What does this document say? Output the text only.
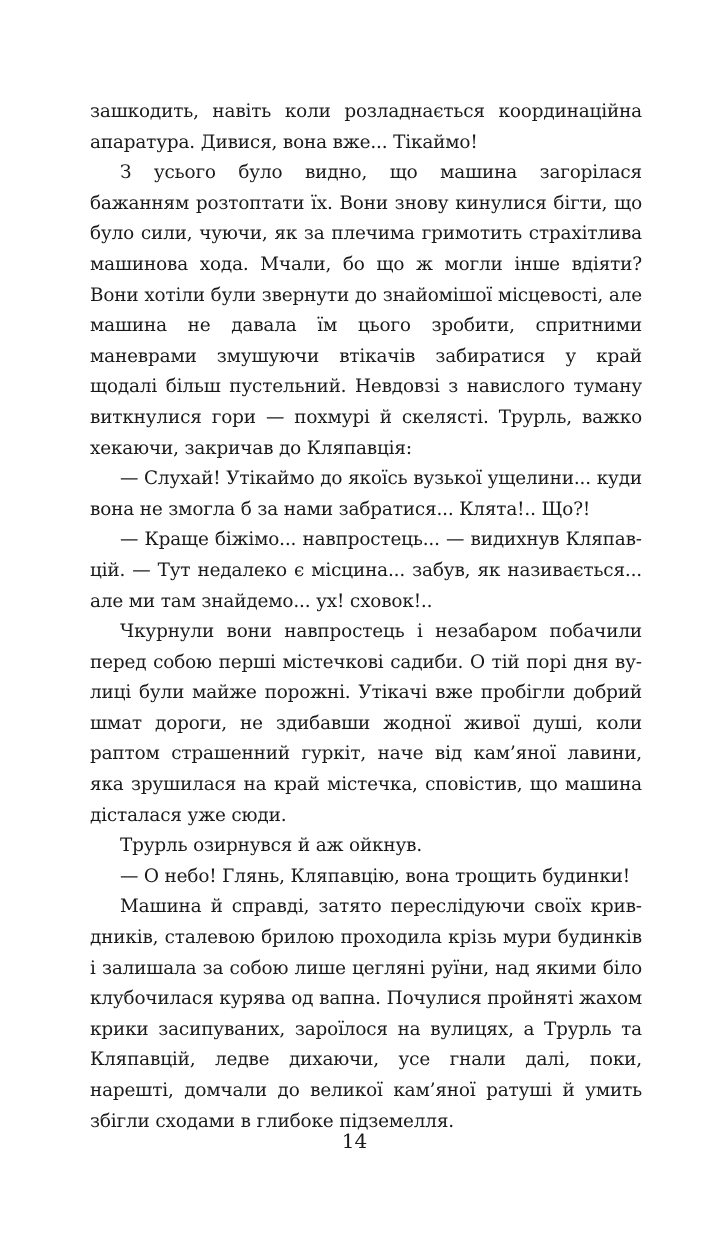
зашкодить, навіть коли розладнається координаційна апаратура. Дивися, вона вже... Тікаймо!

З усього було видно, що машина загорілася бажанням розтоптати їх. Вони знову кинулися бігти, що було сили, чуючи, як за плечима гримотить страхітлива машинова хода. Мчали, бо що ж могли інше вдіяти? Вони хотіли були звернути до знайомішої місцевості, але машина не давала їм цього зробити, спритними маневрами змушуючи втікачів забиратися у край щодалі більш пустельний. Невдовзі з навислого туману виткнулися гори — похмурі й скелясті. Трурль, важко хекаючи, закричав до Кляпавція:

— Слухай! Утікаймо до якоїсь вузької ущелини... куди вона не змогла б за нами забратися... Клята!.. Що?!

— Краще біжімо... навпростець... — видихнув Кляпавцій. — Тут недалеко є місцина... забув, як називається... але ми там знайдемо... ух! сховок!..

Чкурнули вони навпростець і незабаром побачили перед собою перші містечкові садиби. О тій порі дня вулиці були майже порожні. Утікачі вже пробігли добрий шмат дороги, не здибавши жодної живої душі, коли раптом страшенний гуркіт, наче від кам’яної лавини, яка зрушилася на край містечка, сповістив, що машина дісталася уже сюди.

Трурль озирнувся й аж ойкнув.

— О небо! Глянь, Кляпавцію, вона трощить будинки!

Машина й справді, затято переслідуючи своїх кривдників, сталевою брилою проходила крізь мури будинків і залишала за собою лише цегляні руїни, над якими біло клубочилася курява од вапна. Почулися пройняті жахом крики засипуваних, зароїлося на вулицях, а Трурль та Кляпавцій, ледве дихаючи, усе гнали далі, поки, нарешті, домчали до великої кам’яної ратуші й умить збігли сходами в глибоке підземелля.

14
